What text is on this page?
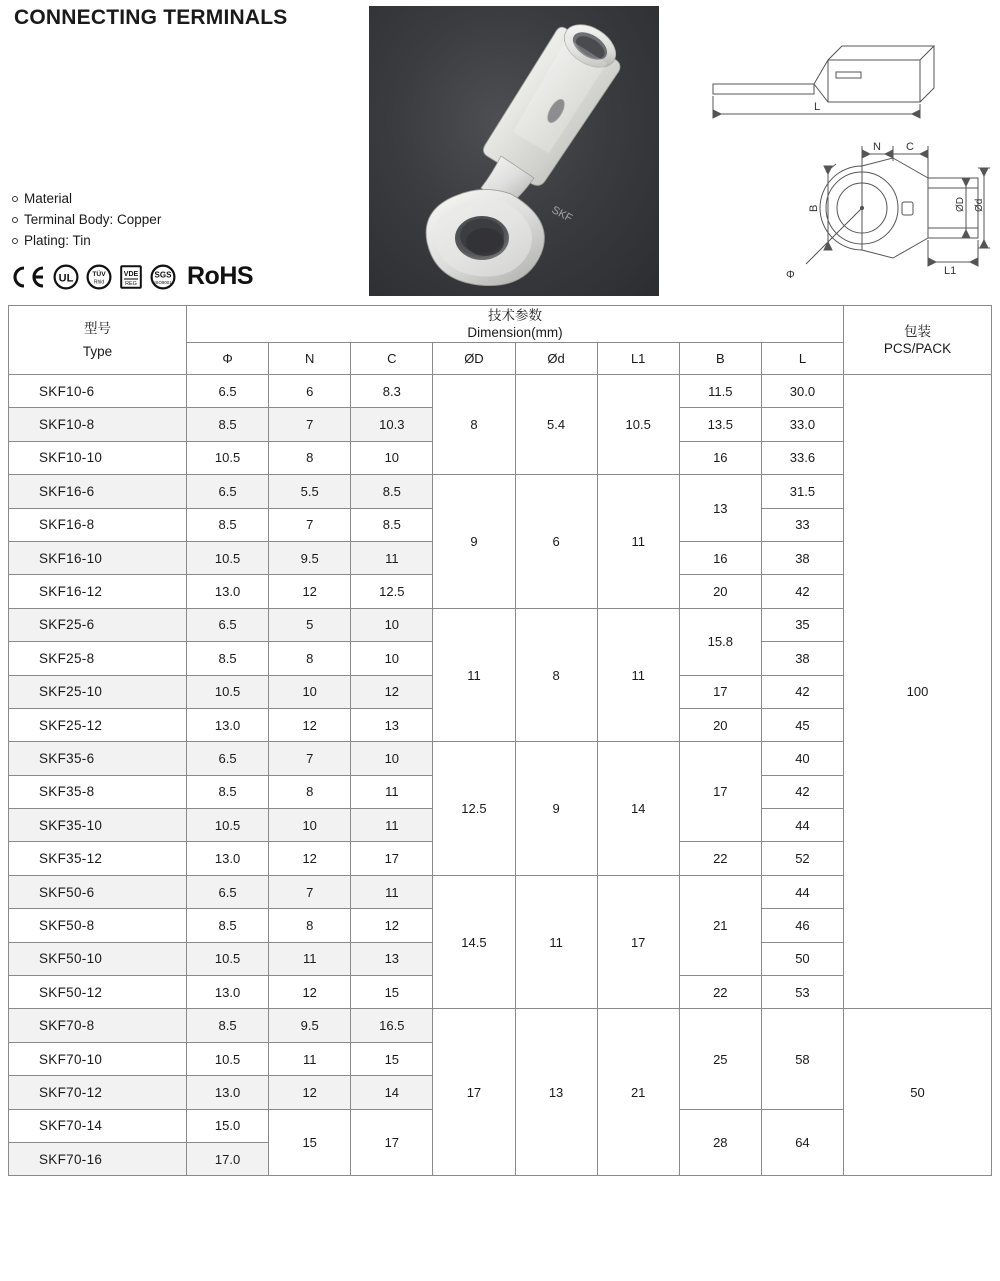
CONNECTING TERMINALS
Material
Terminal Body: Copper
Plating: Tin
UL	TÜV
Rhld
VDE
REG
SGS
ISO9001 RoHS
SKF
L
N C
B	ØD Ød
L1
Φ
型号
Type

技术参数
Dimension(mm)	包装
PCS/PACK

	Φ	N	C	ØD	Ød	L1	B	L	
SKF10-6	6.5	6	8.3	8	5.4	10.5	11.5	30.0	100
SKF10-8	8.5	7	10.3				13.5	33.0	
SKF10-10	10.5	8	10				16	33.6	
SKF16-6	6.5	5.5	8.5	9	6	11	13	31.5	
SKF16-8	8.5	7	8.5					33	
SKF16-10	10.5	9.5	11				16	38	
SKF16-12	13.0	12	12.5				20	42	
SKF25-6	6.5	5	10	11	8	11	15.8	35	
SKF25-8	8.5	8	10					38	
SKF25-10	10.5	10	12				17	42	
SKF25-12	13.0	12	13				20	45	
SKF35-6	6.5	7	10	12.5	9	14	17	40	
SKF35-8	8.5	8	11					42	
SKF35-10	10.5	10	11					44	
SKF35-12	13.0	12	17				22	52	
SKF50-6	6.5	7	11	14.5	11	17	21	44	
SKF50-8	8.5	8	12					46	
SKF50-10	10.5	11	13					50	
SKF50-12	13.0	12	15				22	53	
SKF70-8	8.5	9.5	16.5	17	13	21	25	58	50
SKF70-10	10.5	11	15						
SKF70-12	13.0	12	14						
SKF70-14	15.0	15	17				28	64	
SKF70-16	17.0								
